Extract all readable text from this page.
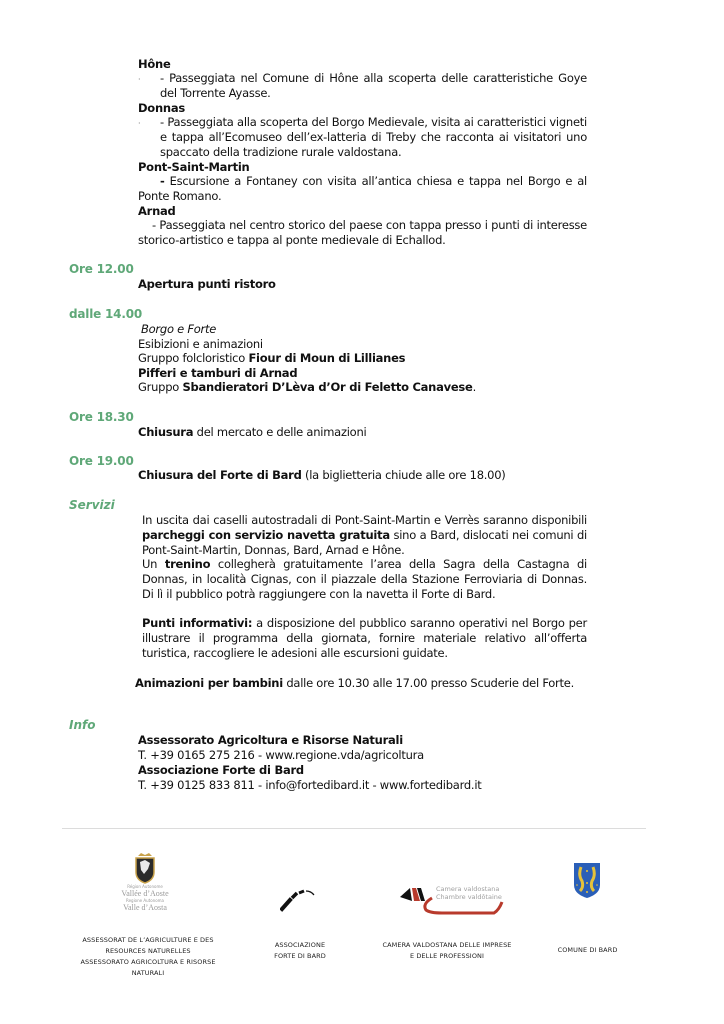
Hône
· - Passeggiata nel Comune di Hône alla scoperta delle caratteristiche Goye del Torrente Ayasse.
Donnas
· - Passeggiata alla scoperta del Borgo Medievale, visita ai caratteristici vigneti e tappa all’Ecomuseo dell’ex-latteria di Treby che racconta ai visitatori uno spaccato della tradizione rurale valdostana.
Pont-Saint-Martin
- Escursione a Fontaney con visita all’antica chiesa e tappa nel Borgo e al Ponte Romano.
Arnad
- Passeggiata nel centro storico del paese con tappa presso i punti di interesse storico-artistico e tappa al ponte medievale di Echallod.
Ore 12.00
Apertura punti ristoro
dalle 14.00
Borgo e Forte
Esibizioni e animazioni
Gruppo folcloristico Fiour di Moun di Lillianes
Pifferi e tamburi di Arnad
Gruppo Sbandieratori D’Lèva d’Or di Feletto Canavese.
Ore 18.30
Chiusura del mercato e delle animazioni
Ore 19.00
Chiusura del Forte di Bard (la biglietteria chiude alle ore 18.00)
Servizi
In uscita dai caselli autostradali di Pont-Saint-Martin e Verrès saranno disponibili parcheggi con servizio navetta gratuita sino a Bard, dislocati nei comuni di Pont-Saint-Martin, Donnas, Bard, Arnad e Hône.
Un trenino collegherà gratuitamente l’area della Sagra della Castagna di Donnas, in località Cignas, con il piazzale della Stazione Ferroviaria di Donnas. Di lì il pubblico potrà raggiungere con la navetta il Forte di Bard.
Punti informativi: a disposizione del pubblico saranno operativi nel Borgo per illustrare il programma della giornata, fornire materiale relativo all’offerta turistica, raccogliere le adesioni alle escursioni guidate.
Animazioni per bambini dalle ore 10.30 alle 17.00 presso Scuderie del Forte.
Info
Assessorato Agricoltura e Risorse Naturali
T. +39 0165 275 216 - www.regione.vda/agricoltura
Associazione Forte di Bard
T. +39 0125 833 811 - info@fortedibard.it - www.fortedibard.it
Région Autonome
Vallée d’Aoste
Regione Autonoma
Valle d’Aosta
Camera valdostana
Chambre valdôtaine
ASSESSORAT DE L’AGRICULTURE E DES
RESOURCES NATURELLES
ASSESSORATO AGRICOLTURA E RISORSE
NATURALI
ASSOCIAZIONE
FORTE DI BARD
CAMERA VALDOSTANA DELLE IMPRESE
E DELLE PROFESSIONI
COMUNE DI BARD
